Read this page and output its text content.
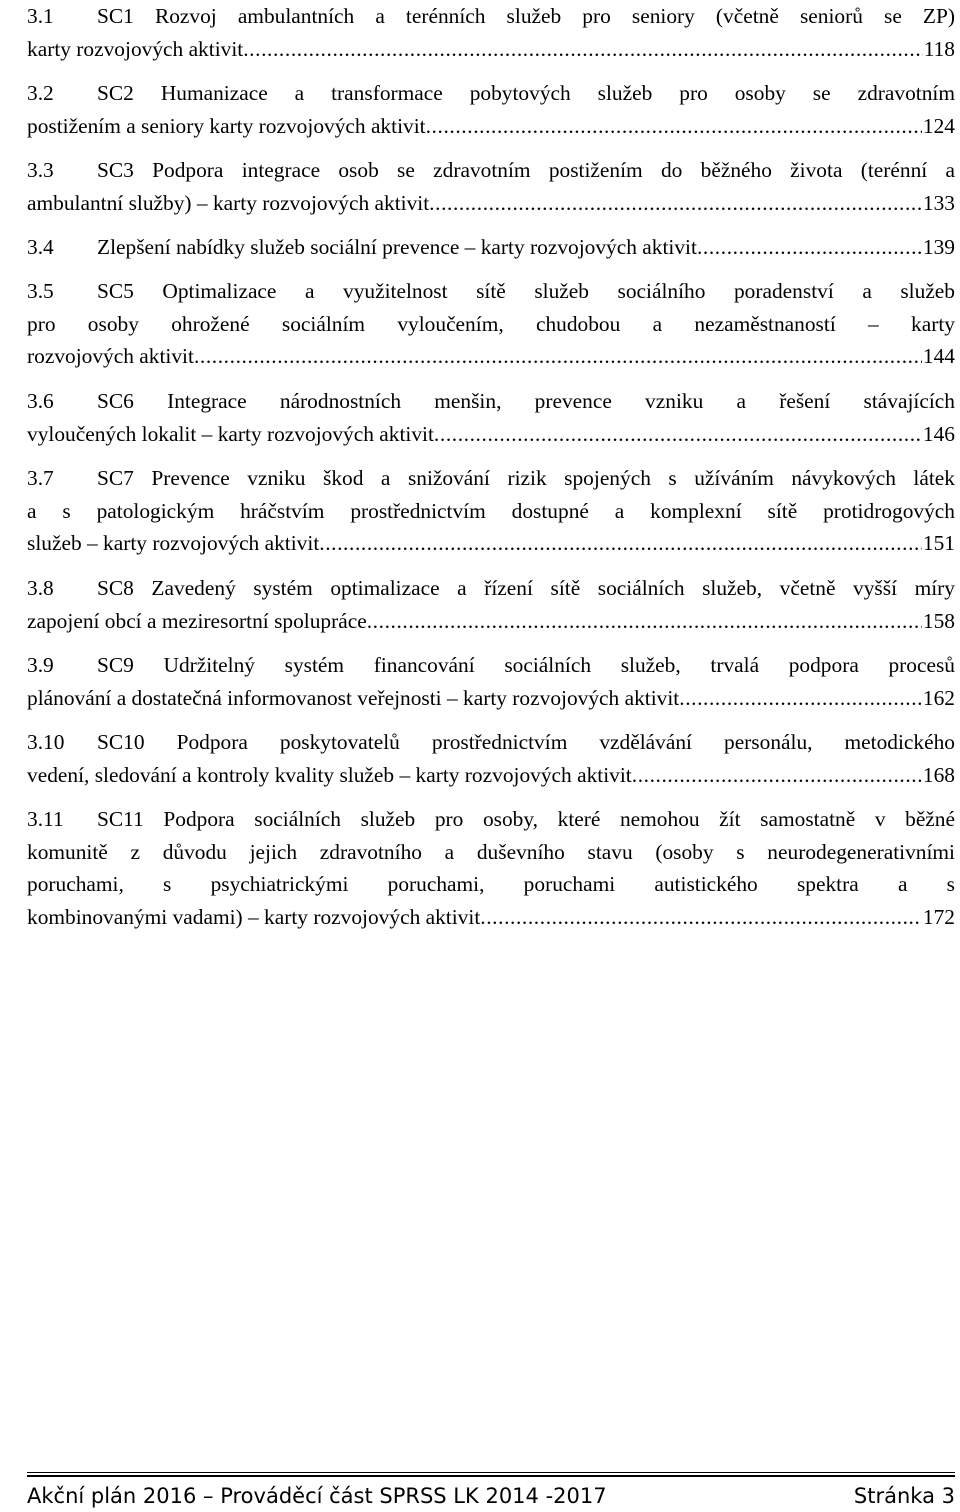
3.1	SC1 Rozvoj ambulantních a terénních služeb pro seniory (včetně seniorů se ZP)
karty rozvojových aktivit .....	118
3.2	SC2 Humanizace a transformace pobytových služeb pro osoby se zdravotním
postižením a seniory karty rozvojových aktivit .....	124
3.3	SC3 Podpora integrace osob se zdravotním postižením do běžného života (terénní a
ambulantní služby) – karty rozvojových aktivit .....	133
3.4	Zlepšení nabídky služeb sociální prevence – karty rozvojových aktivit .....	139
3.5	SC5 Optimalizace a využitelnost sítě služeb sociálního poradenství a služeb
pro osoby ohrožené sociálním vyloučením, chudobou a nezaměstnaností – karty
rozvojových aktivit .....	144
3.6	SC6 Integrace národnostních menšin, prevence vzniku a řešení stávajících
vyloučených lokalit – karty rozvojových aktivit .....	146
3.7	SC7 Prevence vzniku škod a snižování rizik spojených s užíváním návykových látek
a s patologickým hráčstvím prostřednictvím dostupné a komplexní sítě protidrogových
služeb – karty rozvojových aktivit .....	151
3.8	SC8 Zavedený systém optimalizace a řízení sítě sociálních služeb, včetně vyšší míry
zapojení obcí a meziresortní spolupráce .....	158
3.9	SC9 Udržitelný systém financování sociálních služeb, trvalá podpora procesů
plánování a dostatečná informovanost veřejnosti – karty rozvojových aktivit .....	162
3.10	SC10 Podpora poskytovatelů prostřednictvím vzdělávání personálu, metodického
vedení, sledování a kontroly kvality služeb – karty rozvojových aktivit .....	168
3.11	SC11 Podpora sociálních služeb pro osoby, které nemohou žít samostatně v běžné
komunitě z důvodu jejich zdravotního a duševního stavu (osoby s neurodegenerativními
poruchami, s psychiatrickými poruchami, poruchami autistického spektra a s
kombinovanými vadami) – karty rozvojových aktivit .....	172
Akční plán 2016 – Prováděcí část SPRSS LK 2014 -2017	Stránka 3
